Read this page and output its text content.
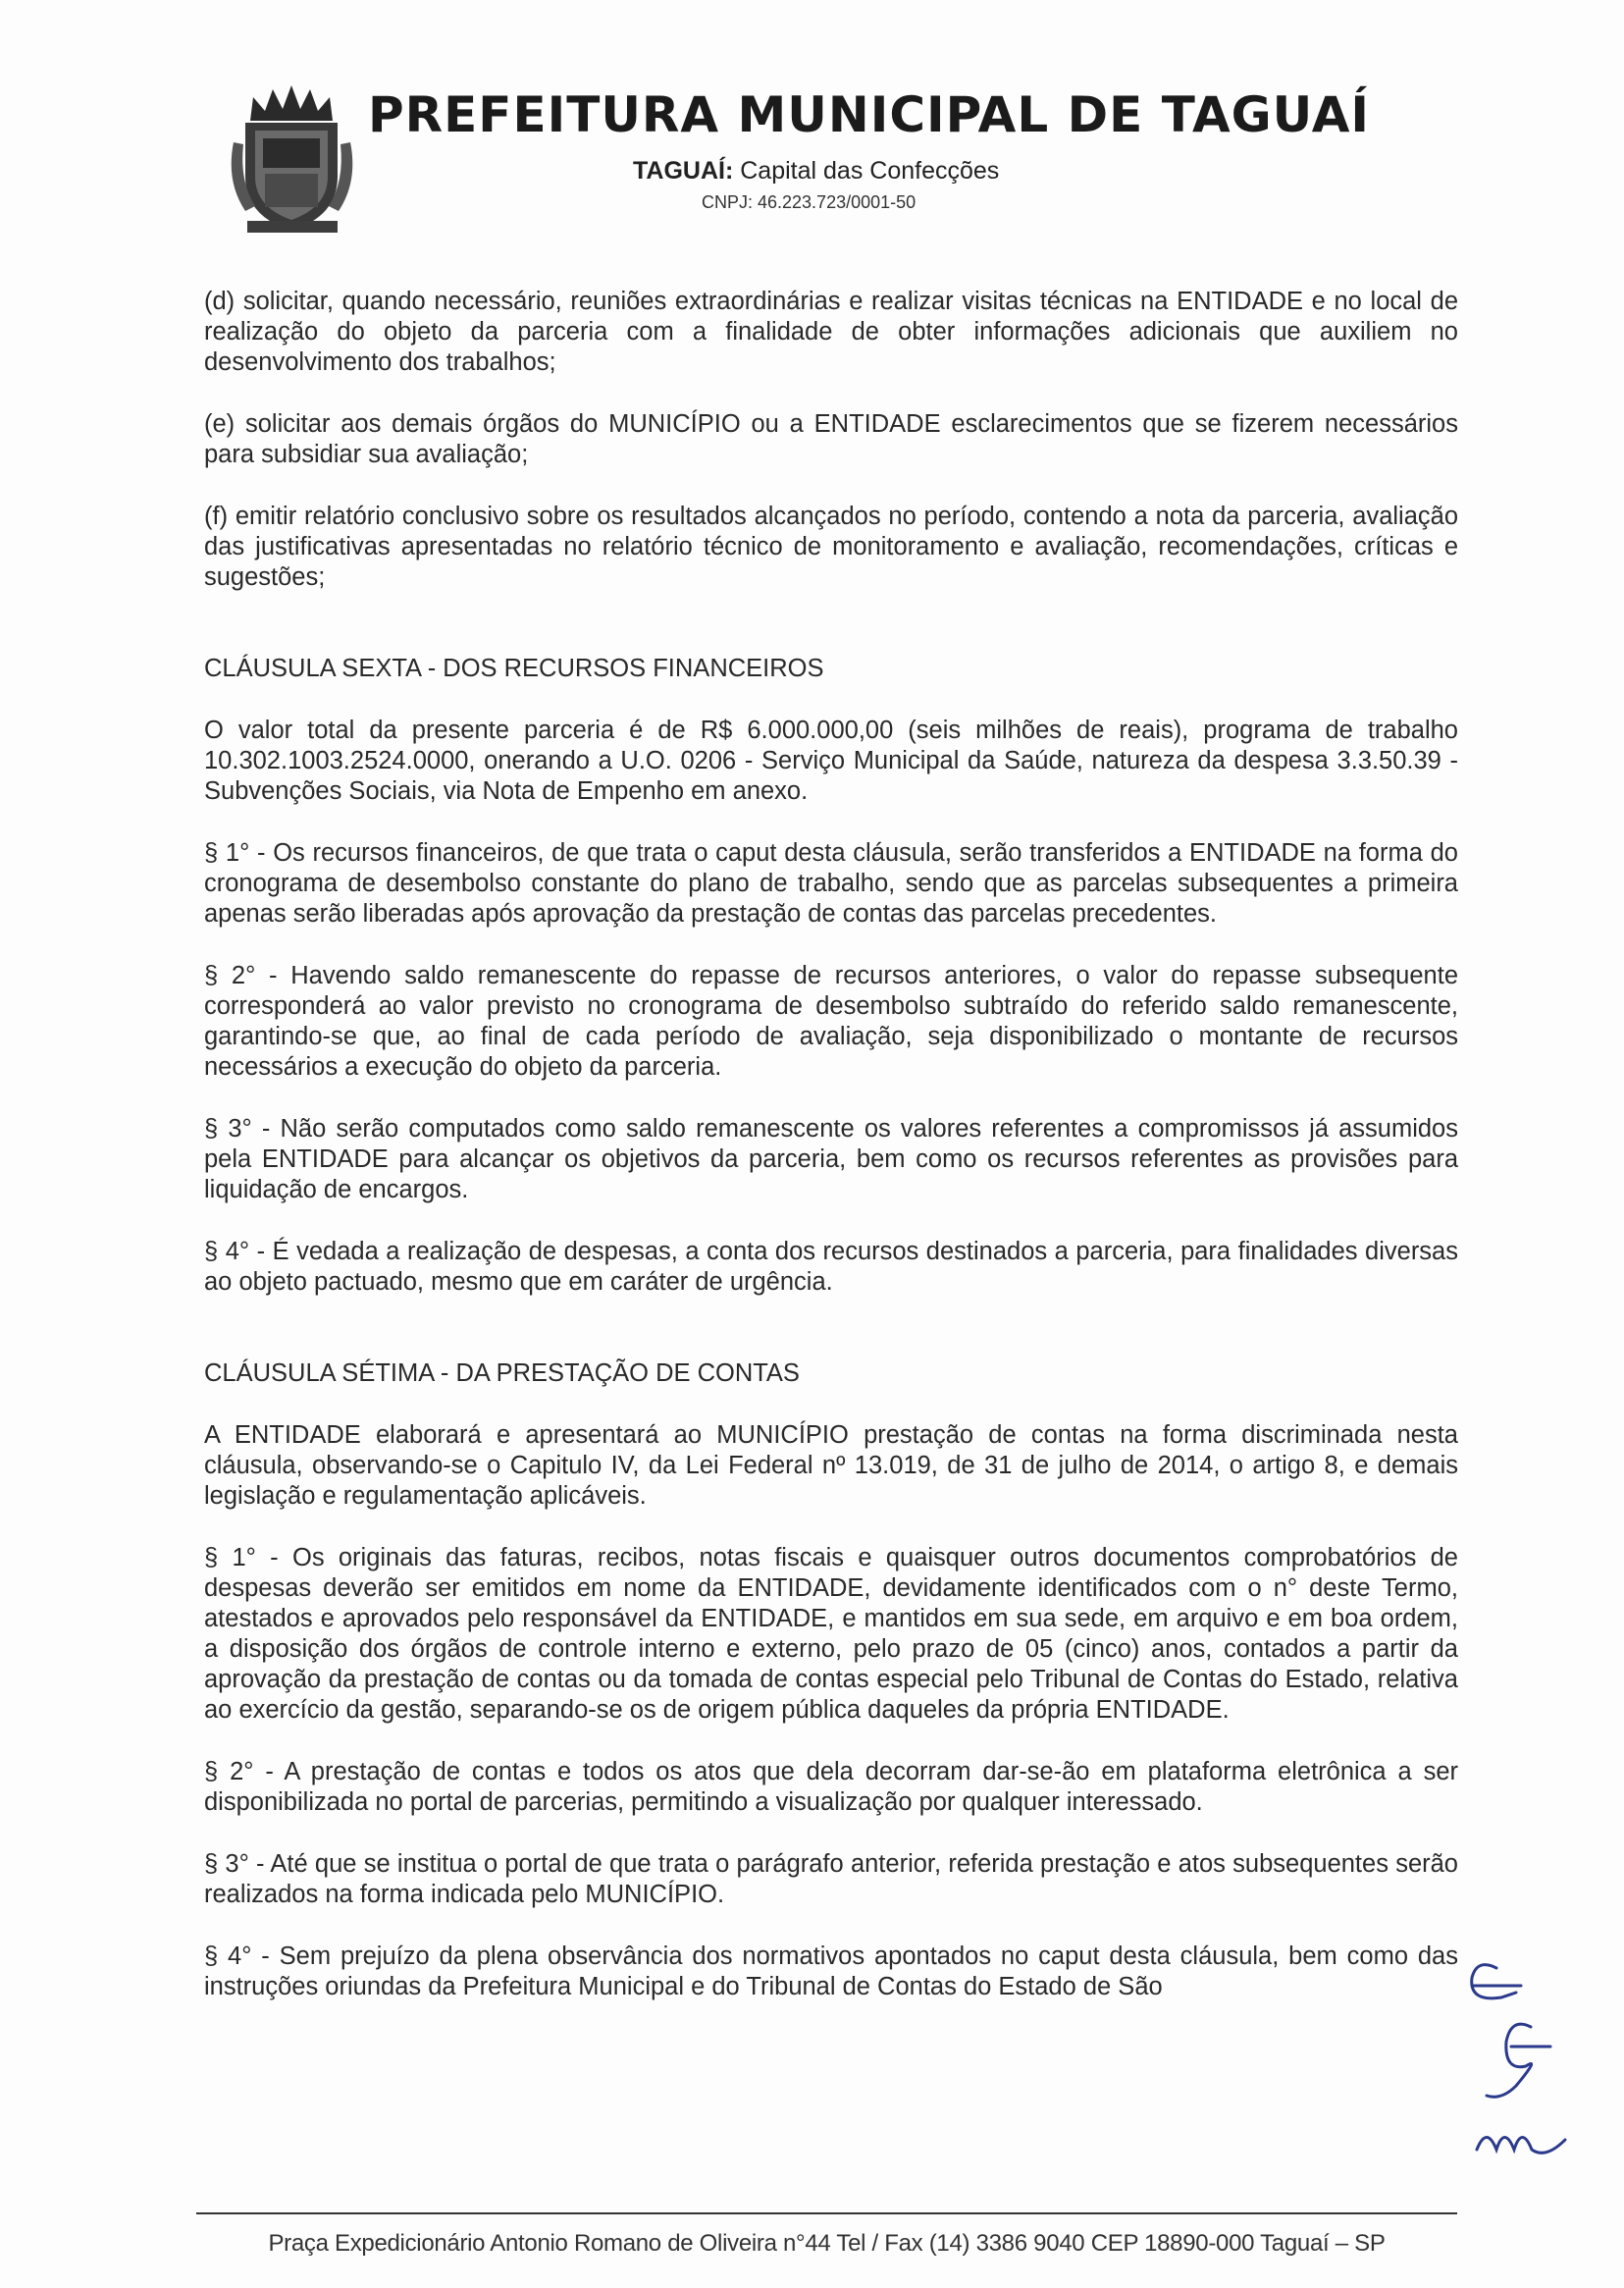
PREFEITURA MUNICIPAL DE TAGUAÍ
TAGUAÍ: Capital das Confecções
CNPJ: 46.223.723/0001-50

(d) solicitar, quando necessário, reuniões extraordinárias e realizar visitas técnicas na ENTIDADE e no local de realização do objeto da parceria com a finalidade de obter informações adicionais que auxiliem no desenvolvimento dos trabalhos;

(e) solicitar aos demais órgãos do MUNICÍPIO ou a ENTIDADE esclarecimentos que se fizerem necessários para subsidiar sua avaliação;

(f) emitir relatório conclusivo sobre os resultados alcançados no período, contendo a nota da parceria, avaliação das justificativas apresentadas no relatório técnico de monitoramento e avaliação, recomendações, críticas e sugestões;

CLÁUSULA SEXTA - DOS RECURSOS FINANCEIROS

O valor total da presente parceria é de R$ 6.000.000,00 (seis milhões de reais), programa de trabalho 10.302.1003.2524.0000, onerando a U.O. 0206 - Serviço Municipal da Saúde, natureza da despesa 3.3.50.39 - Subvenções Sociais, via Nota de Empenho em anexo.

§ 1° - Os recursos financeiros, de que trata o caput desta cláusula, serão transferidos a ENTIDADE na forma do cronograma de desembolso constante do plano de trabalho, sendo que as parcelas subsequentes a primeira apenas serão liberadas após aprovação da prestação de contas das parcelas precedentes.

§ 2° - Havendo saldo remanescente do repasse de recursos anteriores, o valor do repasse subsequente corresponderá ao valor previsto no cronograma de desembolso subtraído do referido saldo remanescente, garantindo-se que, ao final de cada período de avaliação, seja disponibilizado o montante de recursos necessários a execução do objeto da parceria.

§ 3° - Não serão computados como saldo remanescente os valores referentes a compromissos já assumidos pela ENTIDADE para alcançar os objetivos da parceria, bem como os recursos referentes as provisões para liquidação de encargos.

§ 4° - É vedada a realização de despesas, a conta dos recursos destinados a parceria, para finalidades diversas ao objeto pactuado, mesmo que em caráter de urgência.

CLÁUSULA SÉTIMA - DA PRESTAÇÃO DE CONTAS

A ENTIDADE elaborará e apresentará ao MUNICÍPIO prestação de contas na forma discriminada nesta cláusula, observando-se o Capitulo IV, da Lei Federal nº 13.019, de 31 de julho de 2014, o artigo 8, e demais legislação e regulamentação aplicáveis.

§ 1° - Os originais das faturas, recibos, notas fiscais e quaisquer outros documentos comprobatórios de despesas deverão ser emitidos em nome da ENTIDADE, devidamente identificados com o n° deste Termo, atestados e aprovados pelo responsável da ENTIDADE, e mantidos em sua sede, em arquivo e em boa ordem, a disposição dos órgãos de controle interno e externo, pelo prazo de 05 (cinco) anos, contados a partir da aprovação da prestação de contas ou da tomada de contas especial pelo Tribunal de Contas do Estado, relativa ao exercício da gestão, separando-se os de origem pública daqueles da própria ENTIDADE.

§ 2° - A prestação de contas e todos os atos que dela decorram dar-se-ão em plataforma eletrônica a ser disponibilizada no portal de parcerias, permitindo a visualização por qualquer interessado.

§ 3° - Até que se institua o portal de que trata o parágrafo anterior, referida prestação e atos subsequentes serão realizados na forma indicada pelo MUNICÍPIO.

§ 4° - Sem prejuízo da plena observância dos normativos apontados no caput desta cláusula, bem como das instruções oriundas da Prefeitura Municipal e do Tribunal de Contas do Estado de São

Praça Expedicionário Antonio Romano de Oliveira n°44 Tel / Fax (14) 3386 9040 CEP 18890-000 Taguaí – SP
